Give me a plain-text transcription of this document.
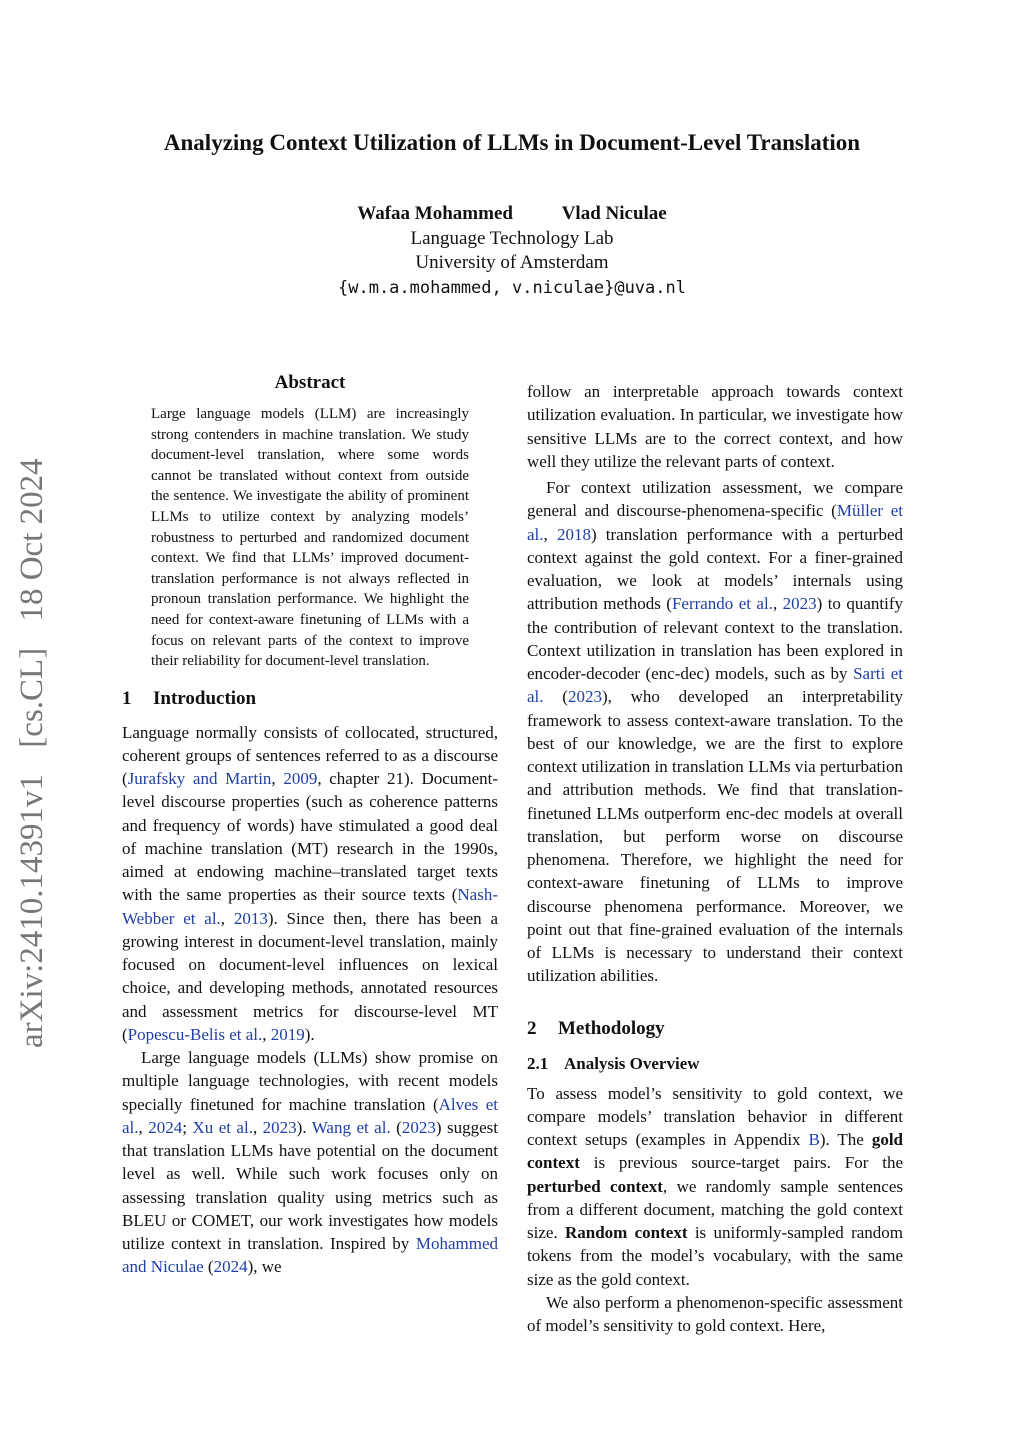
Analyzing Context Utilization of LLMs in Document-Level Translation
Wafaa Mohammed	Vlad Niculae
Language Technology Lab
University of Amsterdam
{w.m.a.mohammed, v.niculae}@uva.nl
arXiv:2410.14391v1 [cs.CL] 18 Oct 2024
Abstract
Large language models (LLM) are increasingly strong contenders in machine translation. We study document-level translation, where some words cannot be translated without context from outside the sentence. We investigate the ability of prominent LLMs to utilize context by analyzing models’ robustness to perturbed and randomized document context. We find that LLMs’ improved document-translation performance is not always reflected in pronoun translation performance. We highlight the need for context-aware finetuning of LLMs with a focus on relevant parts of the context to improve their reliability for document-level translation.
1 Introduction

Language normally consists of collocated, structured, coherent groups of sentences referred to as a discourse (Jurafsky and Martin, 2009, chapter 21). Document-level discourse properties (such as coherence patterns and frequency of words) have stimulated a good deal of machine translation (MT) research in the 1990s, aimed at endowing machine–translated target texts with the same properties as their source texts (Nash-Webber et al., 2013). Since then, there has been a growing interest in document-level translation, mainly focused on document-level influences on lexical choice, and developing methods, annotated resources and assessment metrics for discourse-level MT (Popescu-Belis et al., 2019).

Large language models (LLMs) show promise on multiple language technologies, with recent models specially finetuned for machine translation (Alves et al., 2024; Xu et al., 2023). Wang et al. (2023) suggest that translation LLMs have potential on the document level as well. While such work focuses only on assessing translation quality using metrics such as BLEU or COMET, our work investigates how models utilize context in translation. Inspired by Mohammed and Niculae (2024), we

follow an interpretable approach towards context utilization evaluation. In particular, we investigate how sensitive LLMs are to the correct context, and how well they utilize the relevant parts of context.

For context utilization assessment, we compare general and discourse-phenomena-specific (Müller et al., 2018) translation performance with a perturbed context against the gold context. For a finer-grained evaluation, we look at models’ internals using attribution methods (Ferrando et al., 2023) to quantify the contribution of relevant context to the translation. Context utilization in translation has been explored in encoder-decoder (enc-dec) models, such as by Sarti et al. (2023), who developed an interpretability framework to assess context-aware translation. To the best of our knowledge, we are the first to explore context utilization in translation LLMs via perturbation and attribution methods. We find that translation-finetuned LLMs outperform enc-dec models at overall translation, but perform worse on discourse phenomena. Therefore, we highlight the need for context-aware finetuning of LLMs to improve discourse phenomena performance. Moreover, we point out that fine-grained evaluation of the internals of LLMs is necessary to understand their context utilization abilities.

2 Methodology
2.1 Analysis Overview

To assess model’s sensitivity to gold context, we compare models’ translation behavior in different context setups (examples in Appendix B). The gold context is previous source-target pairs. For the perturbed context, we randomly sample sentences from a different document, matching the gold context size. Random context is uniformly-sampled random tokens from the model’s vocabulary, with the same size as the gold context.

We also perform a phenomenon-specific assessment of model’s sensitivity to gold context. Here,
